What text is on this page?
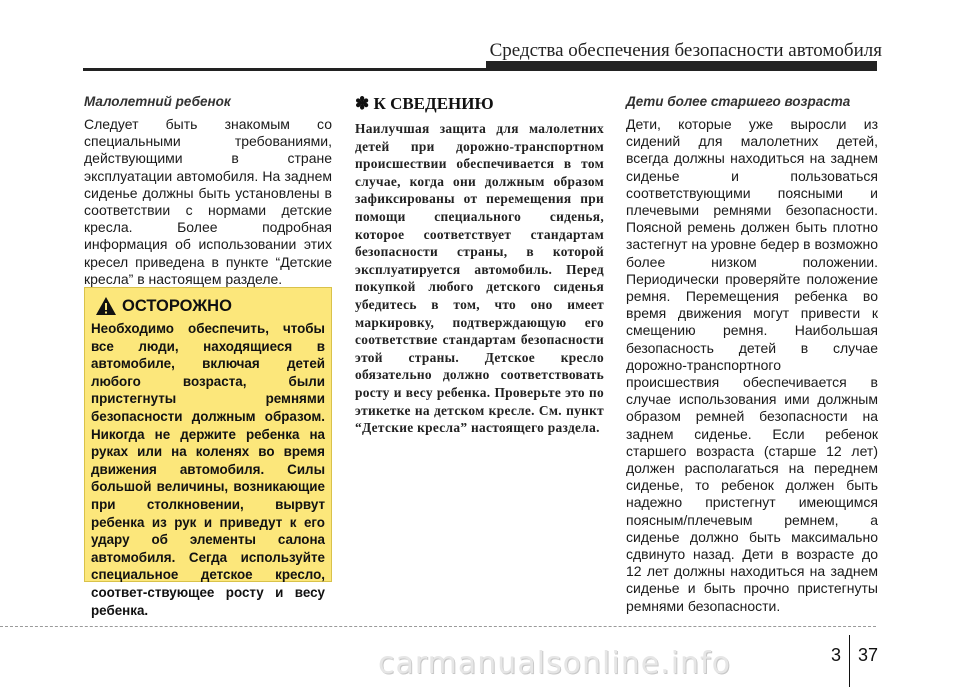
Средства обеспечения безопасности автомобиля
Малолетний ребенок

Следует быть знакомым со специальными требованиями, действующими в стране эксплуатации автомобиля. На заднем сиденье должны быть установлены в соответствии с нормами детские кресла. Более подробная информация об использовании этих кресел приведена в пункте “Детские кресла” в настоящем разделе.

ОСТОРОЖНО

Необходимо обеспечить, чтобы все люди, находящиеся в автомобиле, включая детей любого возраста, были пристегнуты ремнями безопасности должным образом. Никогда не держите ребенка на руках или на коленях во время движения автомобиля. Силы большой величины, возникающие при столкновении, вырвут ребенка из рук и приведут к его удару об элементы салона автомобиля. Сегда используйте специальное детское кресло, соответ-ствующее росту и весу ребенка.

✽ К СВЕДЕНИЮ

Наилучшая защита для малолетних детей при дорожно-транспортном происшествии обеспечивается в том случае, когда они должным образом зафиксированы от перемещения при помощи специального сиденья, которое соответствует стандартам безопасности страны, в которой эксплуатируется автомобиль. Перед покупкой любого детского сиденья убедитесь в том, что оно имеет маркировку, подтверждающую его соответствие стандартам безопасности этой страны. Детское кресло обязательно должно соответствовать росту и весу ребенка. Проверьте это по этикетке на детском кресле. См. пункт “Детские кресла” настоящего раздела.

Дети более старшего возраста

Дети, которые уже выросли из сидений для малолетних детей, всегда должны находиться на заднем сиденье и пользоваться соответствующими поясными и плечевыми ремнями безопасности. Поясной ремень должен быть плотно застегнут на уровне бедер в возможно более низком положении. Периодически проверяйте положение ремня. Перемещения ребенка во время движения могут привести к смещению ремня. Наибольшая безопасность детей в случае дорожно-транспортного происшествия обеспечивается в случае использования ими должным образом ремней безопасности на заднем сиденье. Если ребенок старшего возраста (старше 12 лет) должен располагаться на переднем сиденье, то ребенок должен быть надежно пристегнут имеющимся поясным/плечевым ремнем, а сиденье должно быть максимально сдвинуто назад. Дети в возрасте до 12 лет должны находиться на заднем сиденье и быть прочно пристегнуты ремнями безопасности.

3 37
carmanualsonline.info
